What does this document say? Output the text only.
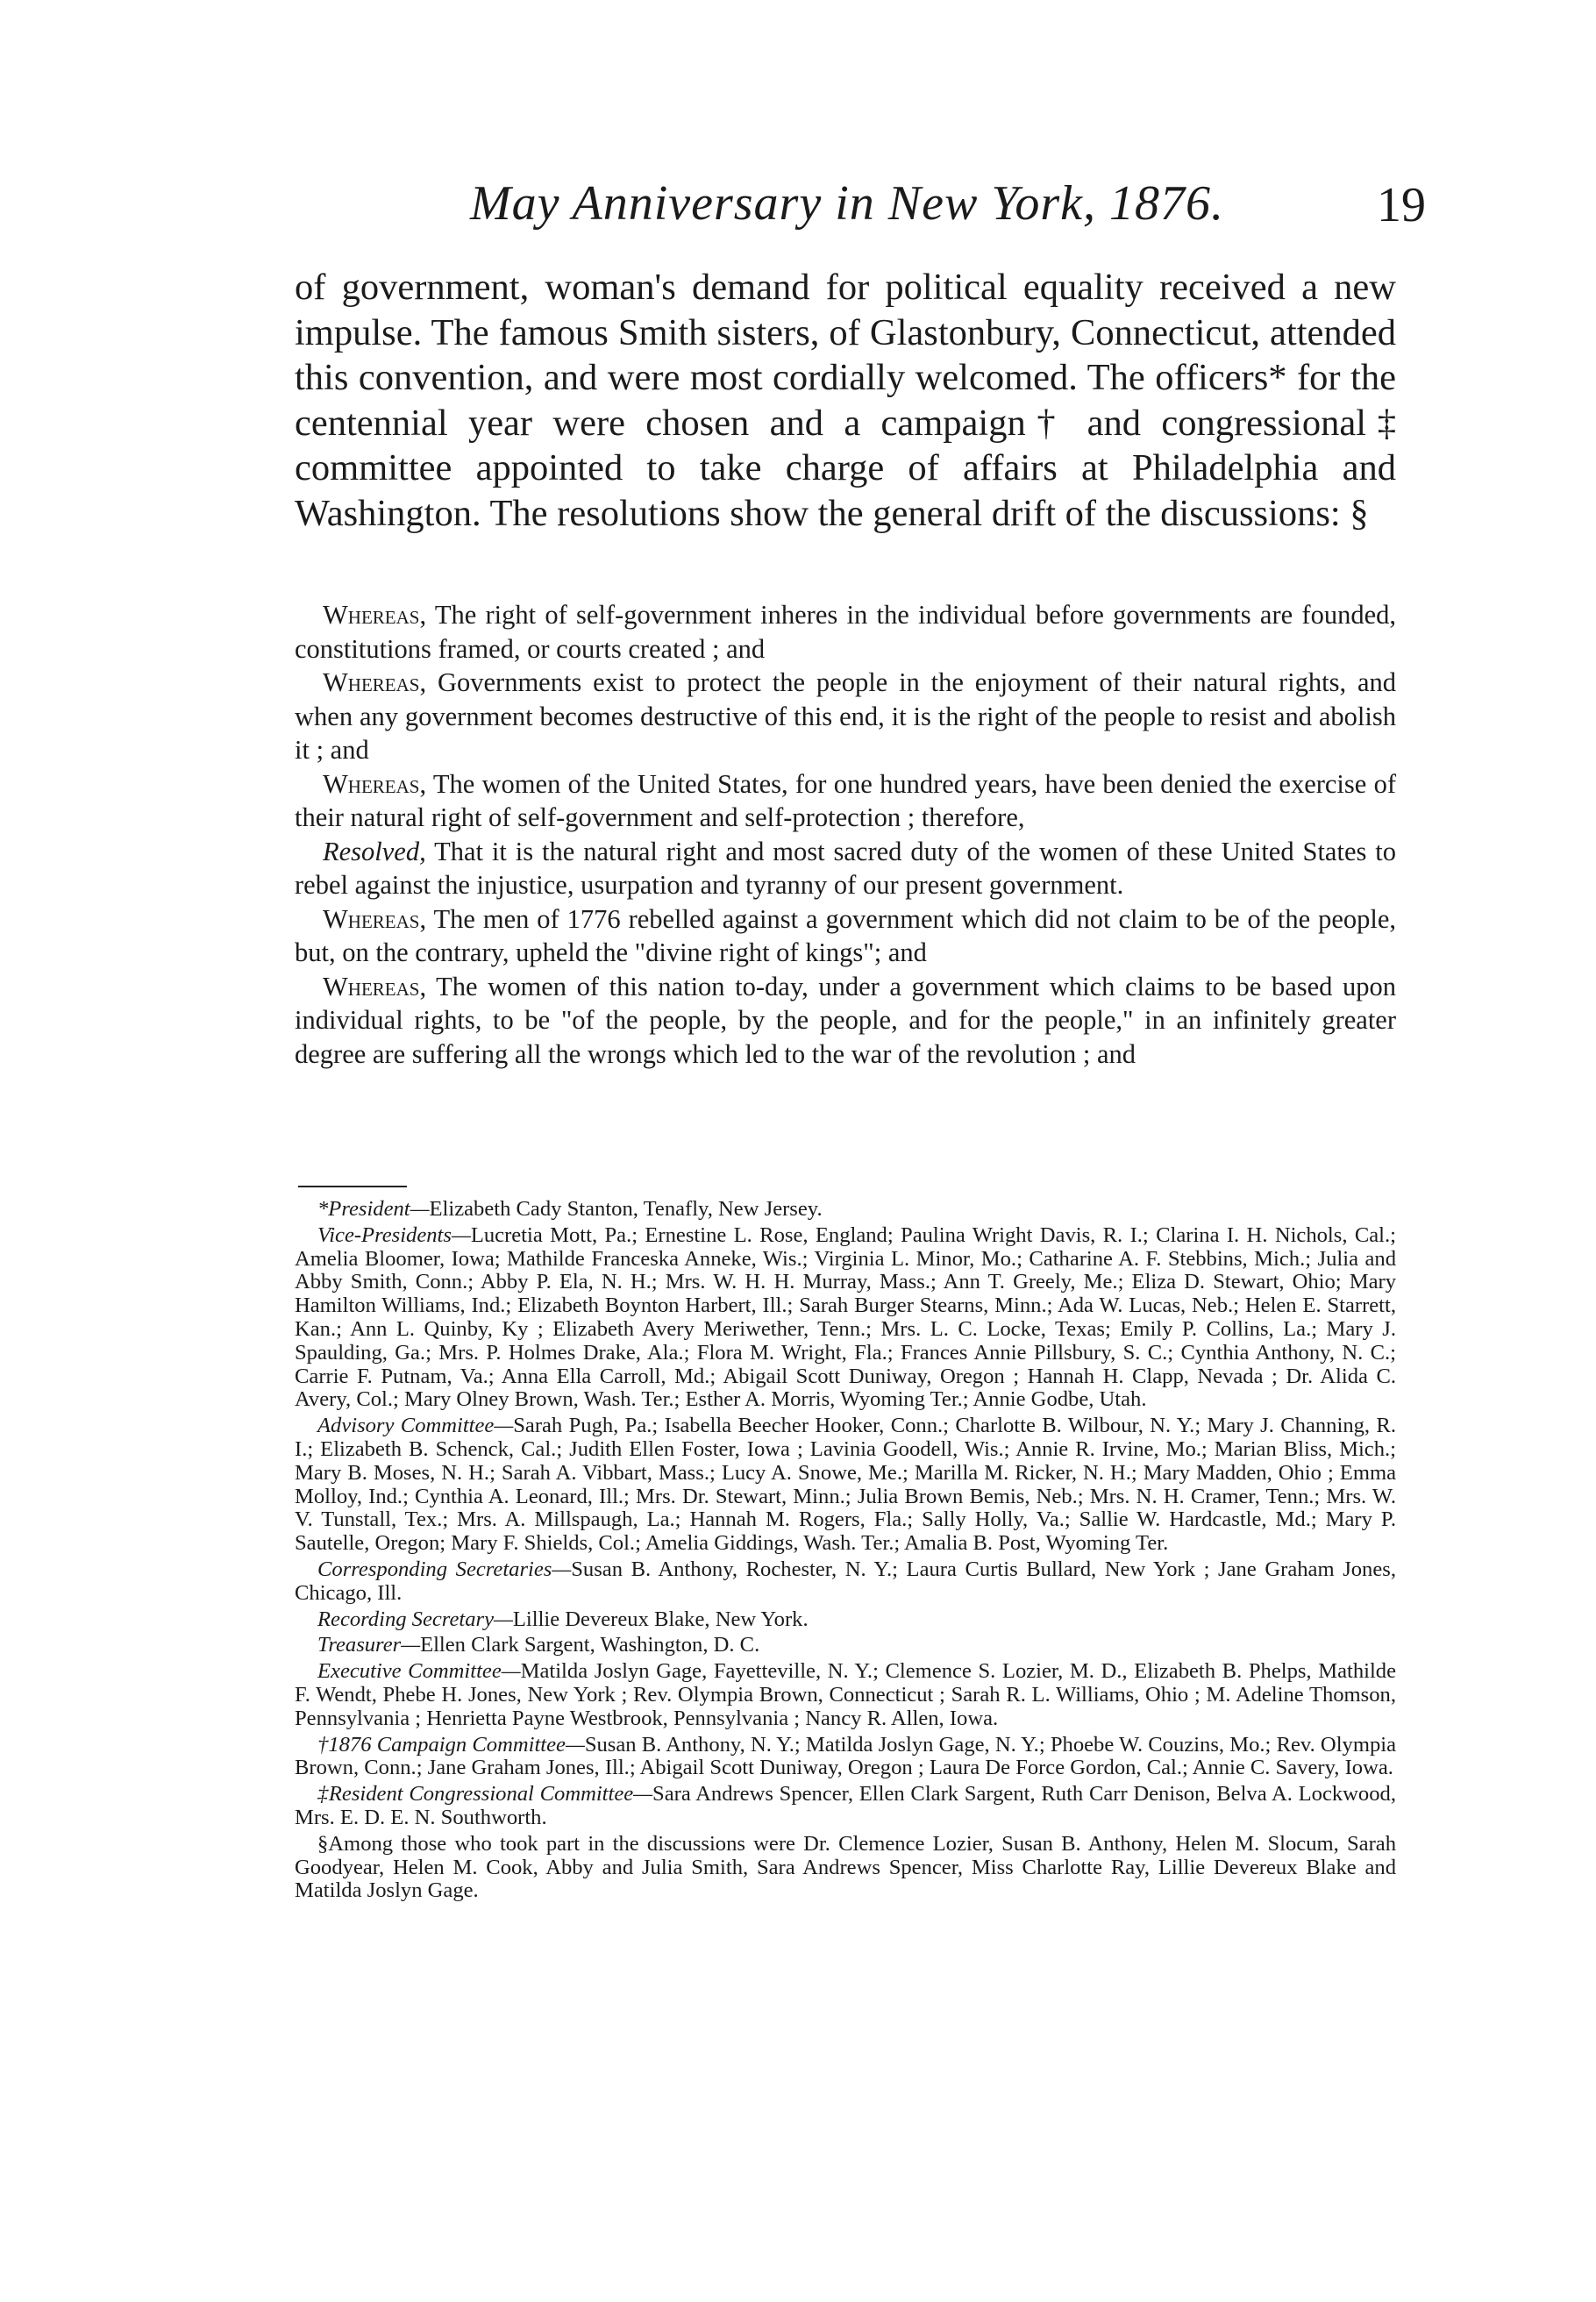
May Anniversary in New York, 1876.	19

of government, woman's demand for political equality received a new impulse. The famous Smith sisters, of Glastonbury, Connecticut, attended this convention, and were most cordially welcomed. The officers* for the centennial year were chosen and a campaign† and congressional‡ committee appointed to take charge of affairs at Philadelphia and Washington. The resolutions show the general drift of the discussions: §

Whereas, The right of self-government inheres in the individual before governments are founded, constitutions framed, or courts created ; and

Whereas, Governments exist to protect the people in the enjoyment of their natural rights, and when any government becomes destructive of this end, it is the right of the people to resist and abolish it ; and

Whereas, The women of the United States, for one hundred years, have been denied the exercise of their natural right of self-government and self-protection ; therefore,

Resolved, That it is the natural right and most sacred duty of the women of these United States to rebel against the injustice, usurpation and tyranny of our present government.

Whereas, The men of 1776 rebelled against a government which did not claim to be of the people, but, on the contrary, upheld the "divine right of kings"; and

Whereas, The women of this nation to-day, under a government which claims to be based upon individual rights, to be "of the people, by the people, and for the people," in an infinitely greater degree are suffering all the wrongs which led to the war of the revolution ; and

*President—Elizabeth Cady Stanton, Tenafly, New Jersey.

Vice-Presidents—Lucretia Mott, Pa.; Ernestine L. Rose, England; Paulina Wright Davis, R. I.; Clarina I. H. Nichols, Cal.; Amelia Bloomer, Iowa; Mathilde Franceska Anneke, Wis.; Virginia L. Minor, Mo.; Catharine A. F. Stebbins, Mich.; Julia and Abby Smith, Conn.; Abby P. Ela, N. H.; Mrs. W. H. H. Murray, Mass.; Ann T. Greely, Me.; Eliza D. Stewart, Ohio; Mary Hamilton Williams, Ind.; Elizabeth Boynton Harbert, Ill.; Sarah Burger Stearns, Minn.; Ada W. Lucas, Neb.; Helen E. Starrett, Kan.; Ann L. Quinby, Ky ; Elizabeth Avery Meriwether, Tenn.; Mrs. L. C. Locke, Texas; Emily P. Collins, La.; Mary J. Spaulding, Ga.; Mrs. P. Holmes Drake, Ala.; Flora M. Wright, Fla.; Frances Annie Pillsbury, S. C.; Cynthia Anthony, N. C.; Carrie F. Putnam, Va.; Anna Ella Carroll, Md.; Abigail Scott Duniway, Oregon ; Hannah H. Clapp, Nevada ; Dr. Alida C. Avery, Col.; Mary Olney Brown, Wash. Ter.; Esther A. Morris, Wyoming Ter.; Annie Godbe, Utah.

Advisory Committee—Sarah Pugh, Pa.; Isabella Beecher Hooker, Conn.; Charlotte B. Wilbour, N. Y.; Mary J. Channing, R. I.; Elizabeth B. Schenck, Cal.; Judith Ellen Foster, Iowa ; Lavinia Goodell, Wis.; Annie R. Irvine, Mo.; Marian Bliss, Mich.; Mary B. Moses, N. H.; Sarah A. Vibbart, Mass.; Lucy A. Snowe, Me.; Marilla M. Ricker, N. H.; Mary Madden, Ohio ; Emma Molloy, Ind.; Cynthia A. Leonard, Ill.; Mrs. Dr. Stewart, Minn.; Julia Brown Bemis, Neb.; Mrs. N. H. Cramer, Tenn.; Mrs. W. V. Tunstall, Tex.; Mrs. A. Millspaugh, La.; Hannah M. Rogers, Fla.; Sally Holly, Va.; Sallie W. Hardcastle, Md.; Mary P. Sautelle, Oregon; Mary F. Shields, Col.; Amelia Giddings, Wash. Ter.; Amalia B. Post, Wyoming Ter.

Corresponding Secretaries—Susan B. Anthony, Rochester, N. Y.; Laura Curtis Bullard, New York ; Jane Graham Jones, Chicago, Ill.

Recording Secretary—Lillie Devereux Blake, New York.

Treasurer—Ellen Clark Sargent, Washington, D. C.

Executive Committee—Matilda Joslyn Gage, Fayetteville, N. Y.; Clemence S. Lozier, M. D., Elizabeth B. Phelps, Mathilde F. Wendt, Phebe H. Jones, New York ; Rev. Olympia Brown, Connecticut ; Sarah R. L. Williams, Ohio ; M. Adeline Thomson, Pennsylvania ; Henrietta Payne Westbrook, Pennsylvania ; Nancy R. Allen, Iowa.

†1876 Campaign Committee—Susan B. Anthony, N. Y.; Matilda Joslyn Gage, N. Y.; Phoebe W. Couzins, Mo.; Rev. Olympia Brown, Conn.; Jane Graham Jones, Ill.; Abigail Scott Duniway, Oregon ; Laura De Force Gordon, Cal.; Annie C. Savery, Iowa.

‡Resident Congressional Committee—Sara Andrews Spencer, Ellen Clark Sargent, Ruth Carr Denison, Belva A. Lockwood, Mrs. E. D. E. N. Southworth.

§Among those who took part in the discussions were Dr. Clemence Lozier, Susan B. Anthony, Helen M. Slocum, Sarah Goodyear, Helen M. Cook, Abby and Julia Smith, Sara Andrews Spencer, Miss Charlotte Ray, Lillie Devereux Blake and Matilda Joslyn Gage.
